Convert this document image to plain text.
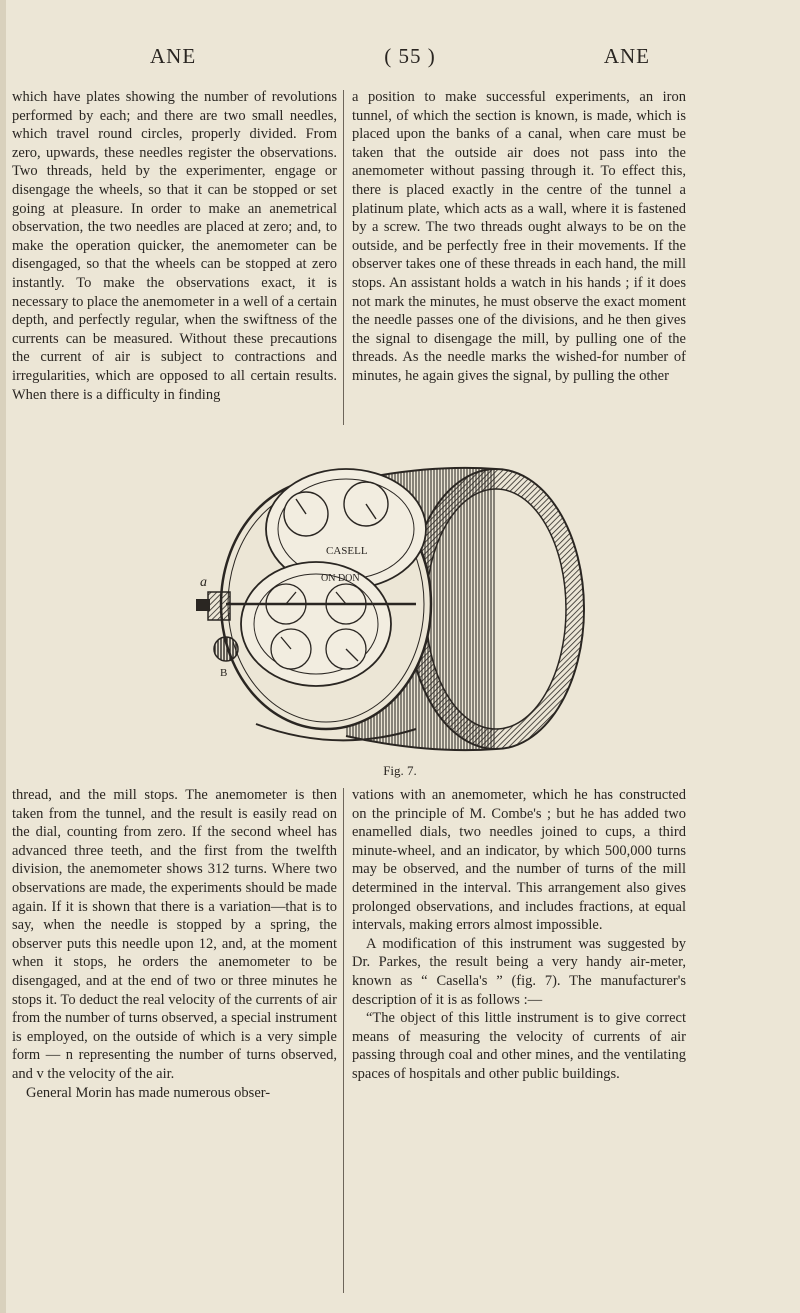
ANE	( 55 )	ANE

which have plates showing the number of revolutions performed by each; and there are two small needles, which travel round circles, properly divided. From zero, upwards, these needles register the observations. Two threads, held by the experimenter, engage or disengage the wheels, so that it can be stopped or set going at pleasure. In order to make an anemetrical observation, the two needles are placed at zero; and, to make the operation quicker, the anemometer can be disengaged, so that the wheels can be stopped at zero instantly. To make the observations exact, it is necessary to place the anemometer in a well of a certain depth, and perfectly regular, when the swiftness of the currents can be measured. Without these precautions the current of air is subject to contractions and irregularities, which are opposed to all certain results. When there is a difficulty in finding

a position to make successful experiments, an iron tunnel, of which the section is known, is made, which is placed upon the banks of a canal, when care must be taken that the outside air does not pass into the anemometer without passing through it. To effect this, there is placed exactly in the centre of the tunnel a platinum plate, which acts as a wall, where it is fastened by a screw. The two threads ought always to be on the outside, and be perfectly free in their movements. If the observer takes one of these threads in each hand, the mill stops. An assistant holds a watch in his hands ; if it does not mark the minutes, he must observe the exact moment the needle passes one of the divisions, and he then gives the signal to disengage the mill, by pulling one of the threads. As the needle marks the wished-for number of minutes, he again gives the signal, by pulling the other

CASELL
ON DON
a
B
Fig. 7.

thread, and the mill stops. The anemometer is then taken from the tunnel, and the result is easily read on the dial, counting from zero. If the second wheel has advanced three teeth, and the first from the twelfth division, the anemometer shows 312 turns. Where two observations are made, the experiments should be made again. If it is shown that there is a variation—that is to say, when the needle is stopped by a spring, the observer puts this needle upon 12, and, at the moment when it stops, he orders the anemometer to be disengaged, and at the end of two or three minutes he stops it. To deduct the real velocity of the currents of air from the number of turns observed, a special instrument is employed, on the outside of which is a very simple form — n representing the number of turns observed, and v the velocity of the air.

General Morin has made numerous obser-

vations with an anemometer, which he has constructed on the principle of M. Combe's ; but he has added two enamelled dials, two needles joined to cups, a third minute-wheel, and an indicator, by which 500,000 turns may be observed, and the number of turns of the mill determined in the interval. This arrangement also gives prolonged observations, and includes fractions, at equal intervals, making errors almost impossible.

A modification of this instrument was suggested by Dr. Parkes, the result being a very handy air-meter, known as “ Casella's ” (fig. 7). The manufacturer's description of it is as follows :—

“The object of this little instrument is to give correct means of measuring the velocity of currents of air passing through coal and other mines, and the ventilating spaces of hospitals and other public buildings.
